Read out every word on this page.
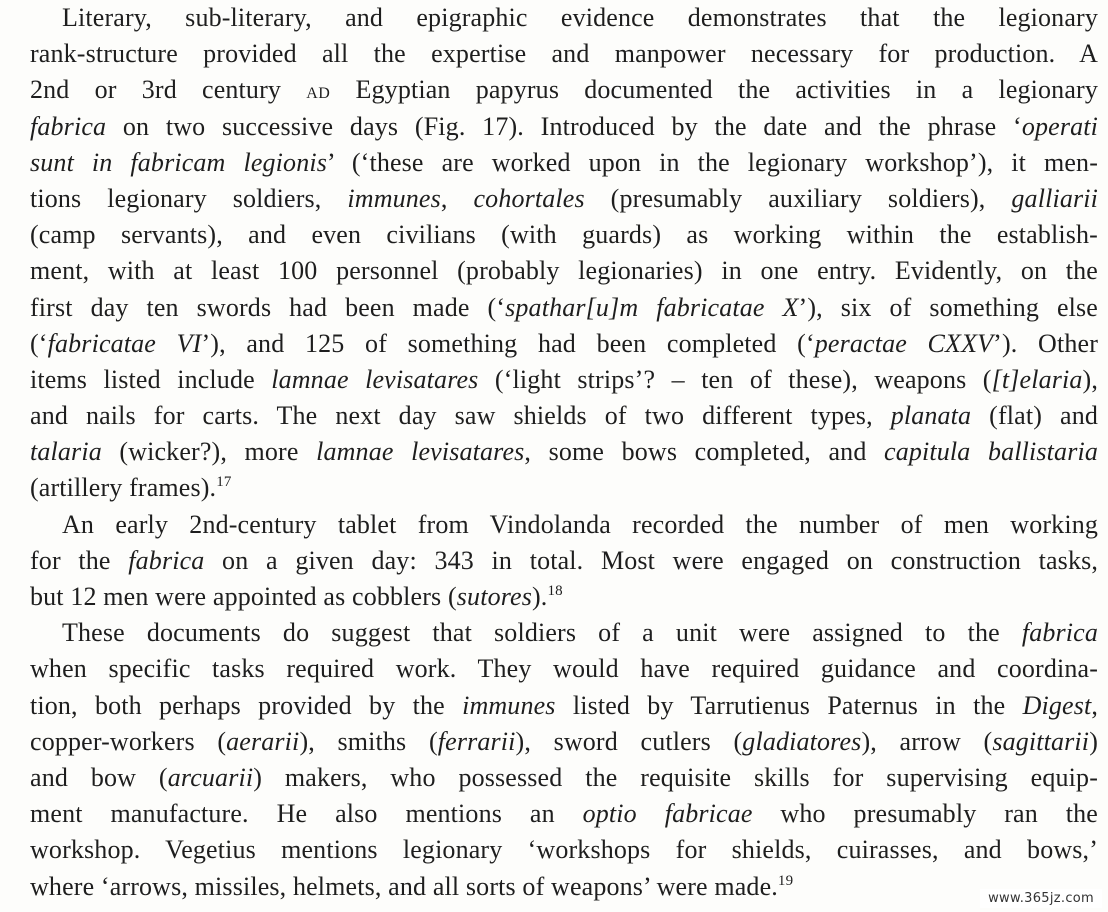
Literary, sub-literary, and epigraphic evidence demonstrates that the legionary
rank-structure provided all the expertise and manpower necessary for production. A
2nd or 3rd century ad Egyptian papyrus documented the activities in a legionary
fabrica on two successive days (Fig. 17). Introduced by the date and the phrase ‘operati
sunt in fabricam legionis’ (‘these are worked upon in the legionary workshop’), it men-
tions legionary soldiers, immunes, cohortales (presumably auxiliary soldiers), galliarii
(camp servants), and even civilians (with guards) as working within the establish-
ment, with at least 100 personnel (probably legionaries) in one entry. Evidently, on the
first day ten swords had been made (‘spathar[u]m fabricatae X’), six of something else
(‘fabricatae VI’), and 125 of something had been completed (‘peractae CXXV’). Other
items listed include lamnae levisatares (‘light strips’? – ten of these), weapons ([t]elaria),
and nails for carts. The next day saw shields of two different types, planata (flat) and
talaria (wicker?), more lamnae levisatares, some bows completed, and capitula ballistaria
(artillery frames).$^{17}$
An early 2nd-century tablet from Vindolanda recorded the number of men working
for the fabrica on a given day: 343 in total. Most were engaged on construction tasks,
but 12 men were appointed as cobblers (sutores).$^{18}$
These documents do suggest that soldiers of a unit were assigned to the fabrica
when specific tasks required work. They would have required guidance and coordina-
tion, both perhaps provided by the immunes listed by Tarrutienus Paternus in the Digest,
copper-workers (aerarii), smiths (ferrarii), sword cutlers (gladiatores), arrow (sagittarii)
and bow (arcuarii) makers, who possessed the requisite skills for supervising equip-
ment manufacture. He also mentions an optio fabricae who presumably ran the
workshop. Vegetius mentions legionary ‘workshops for shields, cuirasses, and bows,’
where ‘arrows, missiles, helmets, and all sorts of weapons’ were made.$^{19}$
www.365jz.com
